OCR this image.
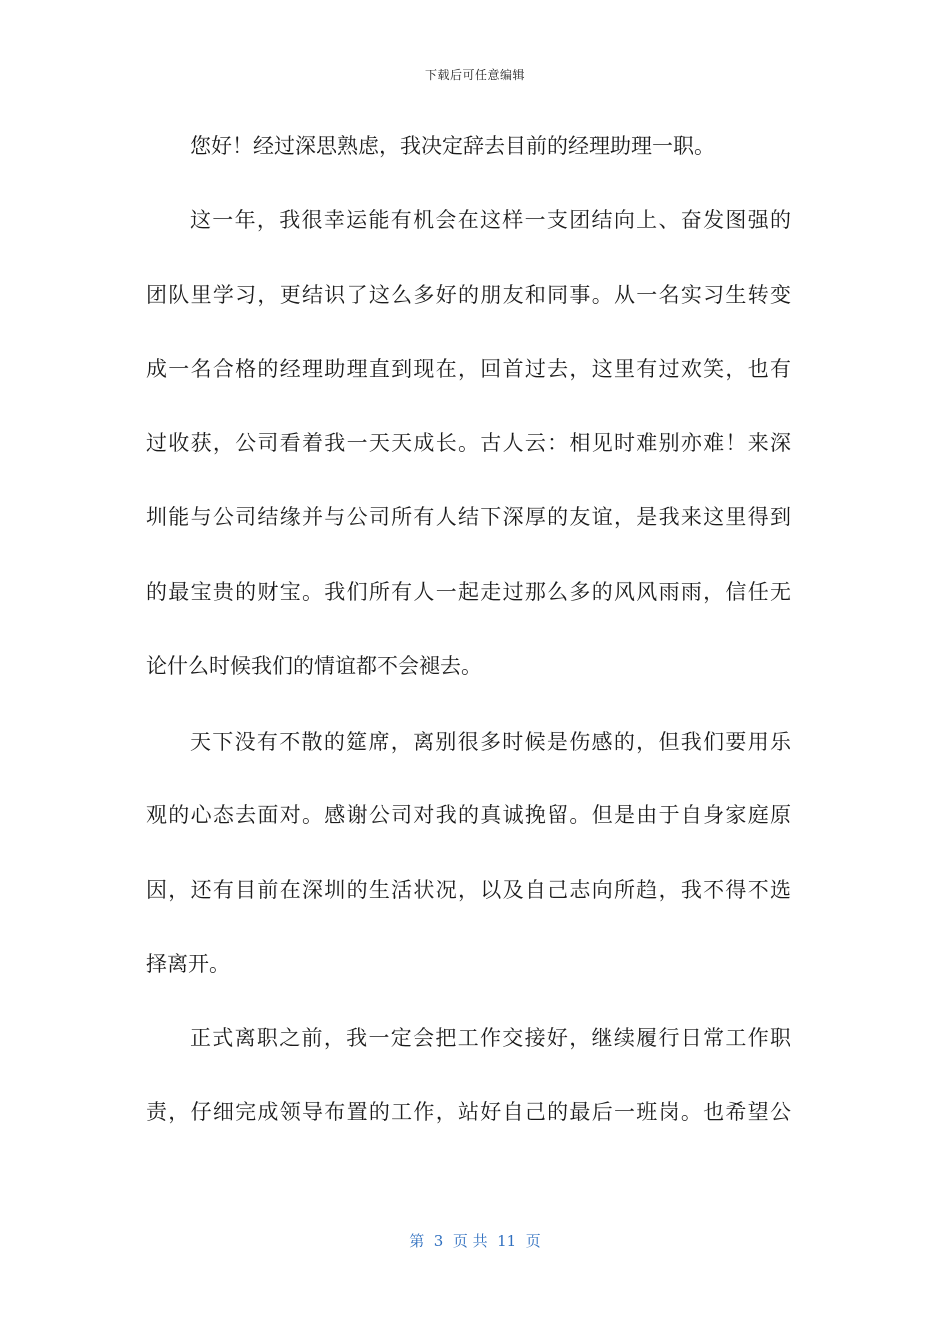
下载后可任意编辑
您好！经过深思熟虑，我决定辞去目前的经理助理一职。
这一年，我很幸运能有机会在这样一支团结向上、奋发图强的
团队里学习，更结识了这么多好的朋友和同事。从一名实习生转变
成一名合格的经理助理直到现在，回首过去，这里有过欢笑，也有
过收获，公司看着我一天天成长。古人云：相见时难别亦难！来深
圳能与公司结缘并与公司所有人结下深厚的友谊，是我来这里得到
的最宝贵的财宝。我们所有人一起走过那么多的风风雨雨，信任无
论什么时候我们的情谊都不会褪去。
天下没有不散的筵席，离别很多时候是伤感的，但我们要用乐
观的心态去面对。感谢公司对我的真诚挽留。但是由于自身家庭原
因，还有目前在深圳的生活状况，以及自己志向所趋，我不得不选
择离开。
正式离职之前，我一定会把工作交接好，继续履行日常工作职
责，仔细完成领导布置的工作，站好自己的最后一班岗。也希望公
第  3  页 共  11  页
